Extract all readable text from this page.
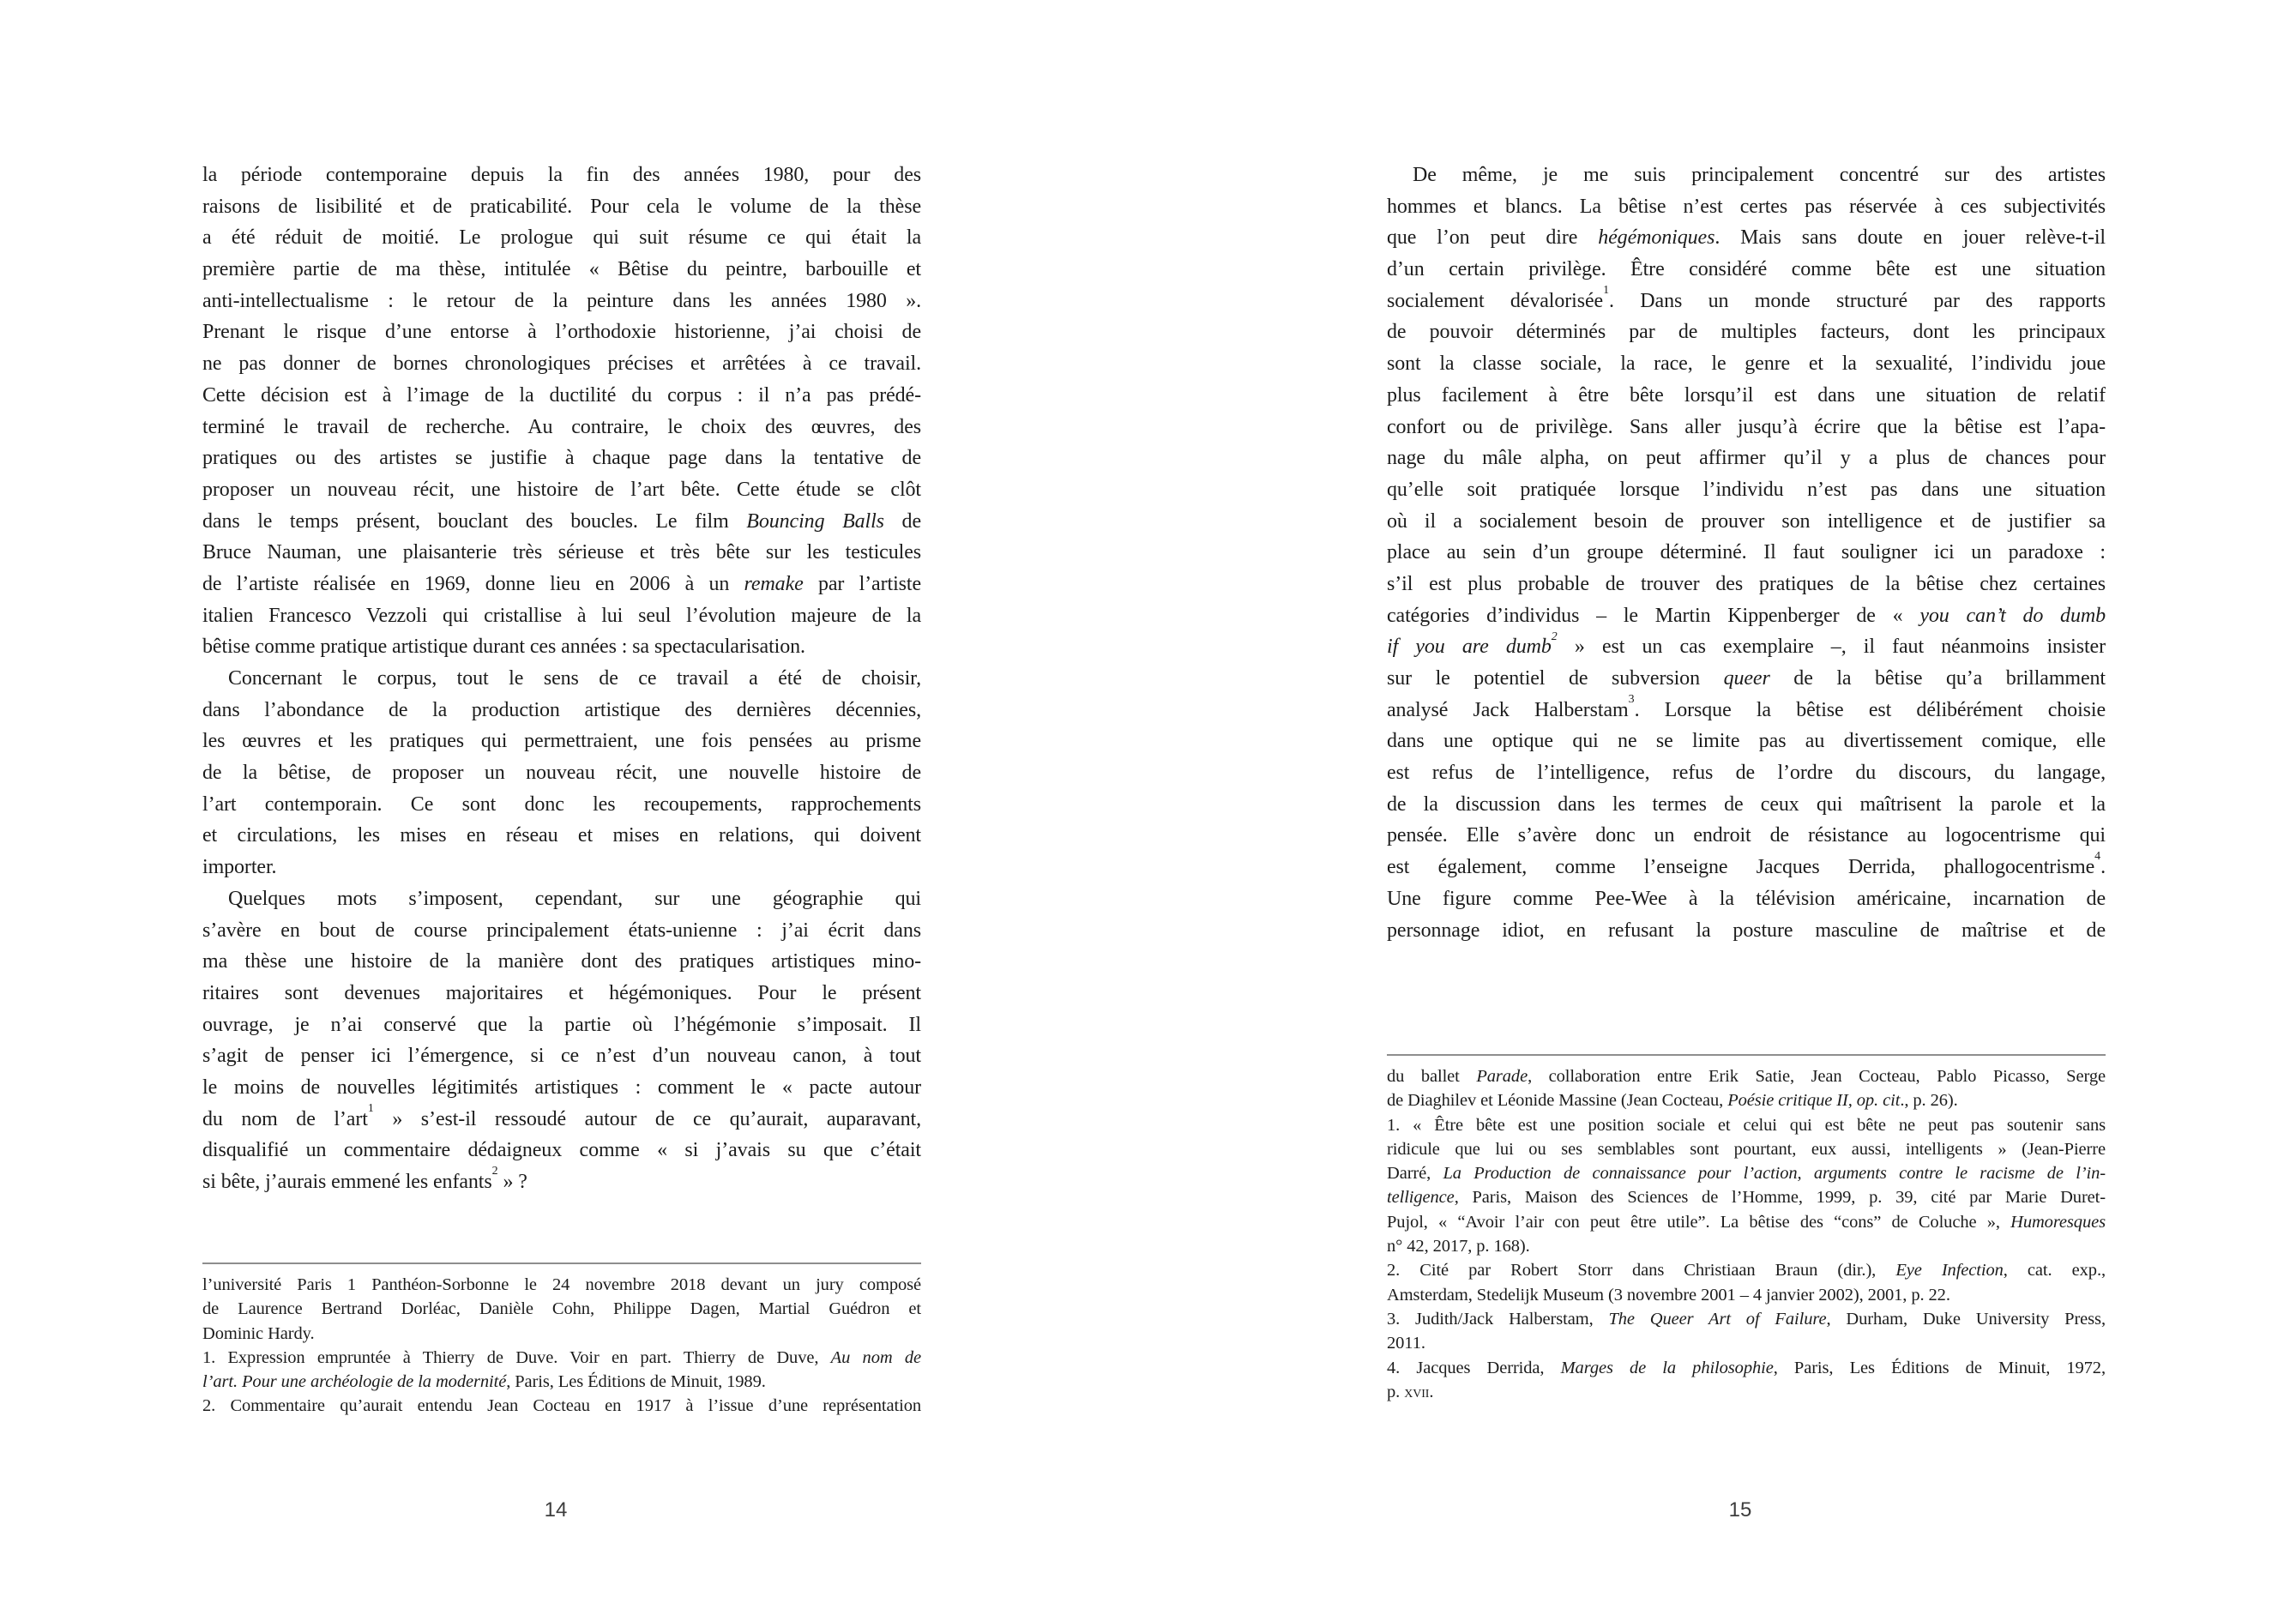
la période contemporaine depuis la fin des années 1980, pour des
raisons de lisibilité et de praticabilité. Pour cela le volume de la thèse
a été réduit de moitié. Le prologue qui suit résume ce qui était la
première partie de ma thèse, intitulée « Bêtise du peintre, barbouille et
anti-intellectualisme : le retour de la peinture dans les années 1980 ».
Prenant le risque d’une entorse à l’orthodoxie historienne, j’ai choisi de
ne pas donner de bornes chronologiques précises et arrêtées à ce travail.
Cette décision est à l’image de la ductilité du corpus : il n’a pas prédé-
terminé le travail de recherche. Au contraire, le choix des œuvres, des
pratiques ou des artistes se justifie à chaque page dans la tentative de
proposer un nouveau récit, une histoire de l’art bête. Cette étude se clôt
dans le temps présent, bouclant des boucles. Le film Bouncing Balls de
Bruce Nauman, une plaisanterie très sérieuse et très bête sur les testicules
de l’artiste réalisée en 1969, donne lieu en 2006 à un remake par l’artiste
italien Francesco Vezzoli qui cristallise à lui seul l’évolution majeure de la
bêtise comme pratique artistique durant ces années : sa spectacularisation.
Concernant le corpus, tout le sens de ce travail a été de choisir,
dans l’abondance de la production artistique des dernières décennies,
les œuvres et les pratiques qui permettraient, une fois pensées au prisme
de la bêtise, de proposer un nouveau récit, une nouvelle histoire de
l’art contemporain. Ce sont donc les recoupements, rapprochements
et circulations, les mises en réseau et mises en relations, qui doivent
importer.
Quelques mots s’imposent, cependant, sur une géographie qui
s’avère en bout de course principalement états-unienne : j’ai écrit dans
ma thèse une histoire de la manière dont des pratiques artistiques mino-
ritaires sont devenues majoritaires et hégémoniques. Pour le présent
ouvrage, je n’ai conservé que la partie où l’hégémonie s’imposait. Il
s’agit de penser ici l’émergence, si ce n’est d’un nouveau canon, à tout
le moins de nouvelles légitimités artistiques : comment le « pacte autour
du nom de l’art$^1$ » s’est-il ressoudé autour de ce qu’aurait, auparavant,
disqualifié un commentaire dédaigneux comme « si j’avais su que c’était
si bête, j’aurais emmené les enfants$^2$ » ?
l’université Paris 1 Panthéon-Sorbonne le 24 novembre 2018 devant un jury composé
de Laurence Bertrand Dorléac, Danièle Cohn, Philippe Dagen, Martial Guédron et
Dominic Hardy.
1. Expression empruntée à Thierry de Duve. Voir en part. Thierry de Duve, Au nom de
l’art. Pour une archéologie de la modernité, Paris, Les Éditions de Minuit, 1989.
2. Commentaire qu’aurait entendu Jean Cocteau en 1917 à l’issue d’une représentation
14
De même, je me suis principalement concentré sur des artistes
hommes et blancs. La bêtise n’est certes pas réservée à ces subjectivités
que l’on peut dire hégémoniques. Mais sans doute en jouer relève-t-il
d’un certain privilège. Être considéré comme bête est une situation
socialement dévalorisée$^1$. Dans un monde structuré par des rapports
de pouvoir déterminés par de multiples facteurs, dont les principaux
sont la classe sociale, la race, le genre et la sexualité, l’individu joue
plus facilement à être bête lorsqu’il est dans une situation de relatif
confort ou de privilège. Sans aller jusqu’à écrire que la bêtise est l’apa-
nage du mâle alpha, on peut affirmer qu’il y a plus de chances pour
qu’elle soit pratiquée lorsque l’individu n’est pas dans une situation
où il a socialement besoin de prouver son intelligence et de justifier sa
place au sein d’un groupe déterminé. Il faut souligner ici un paradoxe :
s’il est plus probable de trouver des pratiques de la bêtise chez certaines
catégories d’individus – le Martin Kippenberger de « you can’t do dumb
if you are dumb$^2$ » est un cas exemplaire –, il faut néanmoins insister
sur le potentiel de subversion queer de la bêtise qu’a brillamment
analysé Jack Halberstam$^3$. Lorsque la bêtise est délibérément choisie
dans une optique qui ne se limite pas au divertissement comique, elle
est refus de l’intelligence, refus de l’ordre du discours, du langage,
de la discussion dans les termes de ceux qui maîtrisent la parole et la
pensée. Elle s’avère donc un endroit de résistance au logocentrisme qui
est également, comme l’enseigne Jacques Derrida, phallogocentrisme$^4$.
Une figure comme Pee-Wee à la télévision américaine, incarnation de
personnage idiot, en refusant la posture masculine de maîtrise et de
du ballet Parade, collaboration entre Erik Satie, Jean Cocteau, Pablo Picasso, Serge
de Diaghilev et Léonide Massine (Jean Cocteau, Poésie critique II, op. cit., p. 26).
1. « Être bête est une position sociale et celui qui est bête ne peut pas soutenir sans
ridicule que lui ou ses semblables sont pourtant, eux aussi, intelligents » (Jean-Pierre
Darré, La Production de connaissance pour l’action, arguments contre le racisme de l’in-
telligence, Paris, Maison des Sciences de l’Homme, 1999, p. 39, cité par Marie Duret-
Pujol, « “Avoir l’air con peut être utile”. La bêtise des “cons” de Coluche », Humoresques
n° 42, 2017, p. 168).
2. Cité par Robert Storr dans Christiaan Braun (dir.), Eye Infection, cat. exp.,
Amsterdam, Stedelijk Museum (3 novembre 2001 – 4 janvier 2002), 2001, p. 22.
3. Judith/Jack Halberstam, The Queer Art of Failure, Durham, Duke University Press,
2011.
4. Jacques Derrida, Marges de la philosophie, Paris, Les Éditions de Minuit, 1972,
p. xvii.
15
